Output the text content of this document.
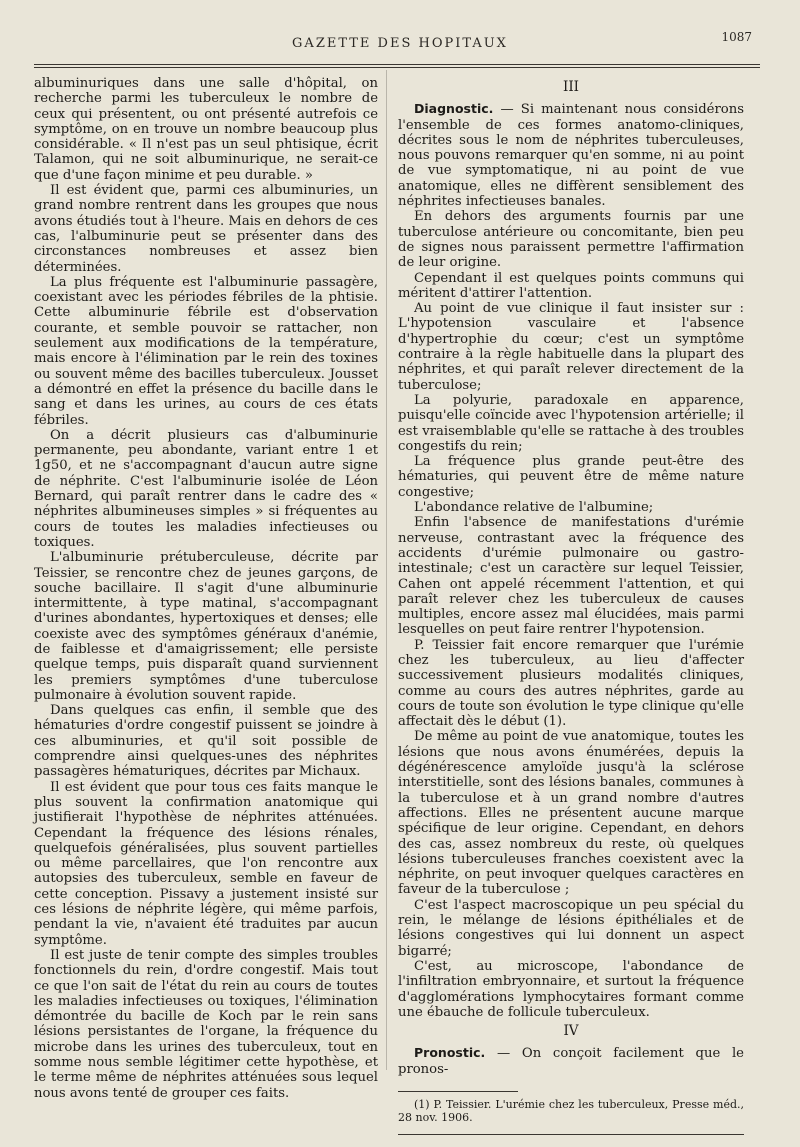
GAZETTE DES HOPITAUX	1087

albuminuriques dans une salle d'hôpital, on recherche parmi les tuberculeux le nombre de ceux qui présentent, ou ont présenté autrefois ce symptôme, on en trouve un nombre beaucoup plus considérable. « Il n'est pas un seul phtisique, écrit Talamon, qui ne soit albuminurique, ne serait-ce que d'une façon minime et peu durable. »

Il est évident que, parmi ces albuminuries, un grand nombre rentrent dans les groupes que nous avons étudiés tout à l'heure. Mais en dehors de ces cas, l'albuminurie peut se présenter dans des circonstances nombreuses et assez bien déterminées.

La plus fréquente est l'albuminurie passagère, coexistant avec les périodes fébriles de la phtisie. Cette albuminurie fébrile est d'observation courante, et semble pouvoir se rattacher, non seulement aux modifications de la température, mais encore à l'élimination par le rein des toxines ou souvent même des bacilles tuberculeux. Jousset a démontré en effet la présence du bacille dans le sang et dans les urines, au cours de ces états fébriles.

On a décrit plusieurs cas d'albuminurie permanente, peu abondante, variant entre 1 et 1g50, et ne s'accompagnant d'aucun autre signe de néphrite. C'est l'albuminurie isolée de Léon Bernard, qui paraît rentrer dans le cadre des « néphrites albumineuses simples » si fréquentes au cours de toutes les maladies infectieuses ou toxiques.

L'albuminurie prétuberculeuse, décrite par Teissier, se rencontre chez de jeunes garçons, de souche bacillaire. Il s'agit d'une albuminurie intermittente, à type matinal, s'accompagnant d'urines abondantes, hypertoxiques et denses; elle coexiste avec des symptômes généraux d'anémie, de faiblesse et d'amaigrissement; elle persiste quelque temps, puis disparaît quand surviennent les premiers symptômes d'une tuberculose pulmonaire à évolution souvent rapide.

Dans quelques cas enfin, il semble que des hématuries d'ordre congestif puissent se joindre à ces albuminuries, et qu'il soit possible de comprendre ainsi quelques-unes des néphrites passagères hématuriques, décrites par Michaux.

Il est évident que pour tous ces faits manque le plus souvent la confirmation anatomique qui justifierait l'hypothèse de néphrites atténuées. Cependant la fréquence des lésions rénales, quelquefois généralisées, plus souvent partielles ou même parcellaires, que l'on rencontre aux autopsies des tuberculeux, semble en faveur de cette conception. Pissavy a justement insisté sur ces lésions de néphrite légère, qui même parfois, pendant la vie, n'avaient été traduites par aucun symptôme.

Il est juste de tenir compte des simples troubles fonctionnels du rein, d'ordre congestif. Mais tout ce que l'on sait de l'état du rein au cours de toutes les maladies infectieuses ou toxiques, l'élimination démontrée du bacille de Koch par le rein sans lésions persistantes de l'organe, la fréquence du microbe dans les urines des tuberculeux, tout en somme nous semble légitimer cette hypothèse, et le terme même de néphrites atténuées sous lequel nous avons tenté de grouper ces faits.

III

Diagnostic. — Si maintenant nous considérons l'ensemble de ces formes anatomo-cliniques, décrites sous le nom de néphrites tuberculeuses, nous pouvons remarquer qu'en somme, ni au point de vue symptomatique, ni au point de vue anatomique, elles ne diffèrent sensiblement des néphrites infectieuses banales.

En dehors des arguments fournis par une tuberculose antérieure ou concomitante, bien peu de signes nous paraissent permettre l'affirmation de leur origine.

Cependant il est quelques points communs qui méritent d'attirer l'attention.

Au point de vue clinique il faut insister sur : L'hypotension vasculaire et l'absence d'hypertrophie du cœur; c'est un symptôme contraire à la règle habituelle dans la plupart des néphrites, et qui paraît relever directement de la tuberculose;

La polyurie, paradoxale en apparence, puisqu'elle coïncide avec l'hypotension artérielle; il est vraisemblable qu'elle se rattache à des troubles congestifs du rein;

La fréquence plus grande peut-être des hématuries, qui peuvent être de même nature congestive;

L'abondance relative de l'albumine;

Enfin l'absence de manifestations d'urémie nerveuse, contrastant avec la fréquence des accidents d'urémie pulmonaire ou gastro-intestinale; c'est un caractère sur lequel Teissier, Cahen ont appelé récemment l'attention, et qui paraît relever chez les tuberculeux de causes multiples, encore assez mal élucidées, mais parmi lesquelles on peut faire rentrer l'hypotension.

P. Teissier fait encore remarquer que l'urémie chez les tuberculeux, au lieu d'affecter successivement plusieurs modalités cliniques, comme au cours des autres néphrites, garde au cours de toute son évolution le type clinique qu'elle affectait dès le début (1).

De même au point de vue anatomique, toutes les lésions que nous avons énumérées, depuis la dégénérescence amyloïde jusqu'à la sclérose interstitielle, sont des lésions banales, communes à la tuberculose et à un grand nombre d'autres affections. Elles ne présentent aucune marque spécifique de leur origine. Cependant, en dehors des cas, assez nombreux du reste, où quelques lésions tuberculeuses franches coexistent avec la néphrite, on peut invoquer quelques caractères en faveur de la tuberculose ;

C'est l'aspect macroscopique un peu spécial du rein, le mélange de lésions épithéliales et de lésions congestives qui lui donnent un aspect bigarré;

C'est, au microscope, l'abondance de l'infiltration embryonnaire, et surtout la fréquence d'agglomérations lymphocytaires formant comme une ébauche de follicule tuberculeux.

IV

Pronostic. — On conçoit facilement que le pronos-

(1) P. Teissier. L'urémie chez les tuberculeux, Presse méd., 28 nov. 1906.
